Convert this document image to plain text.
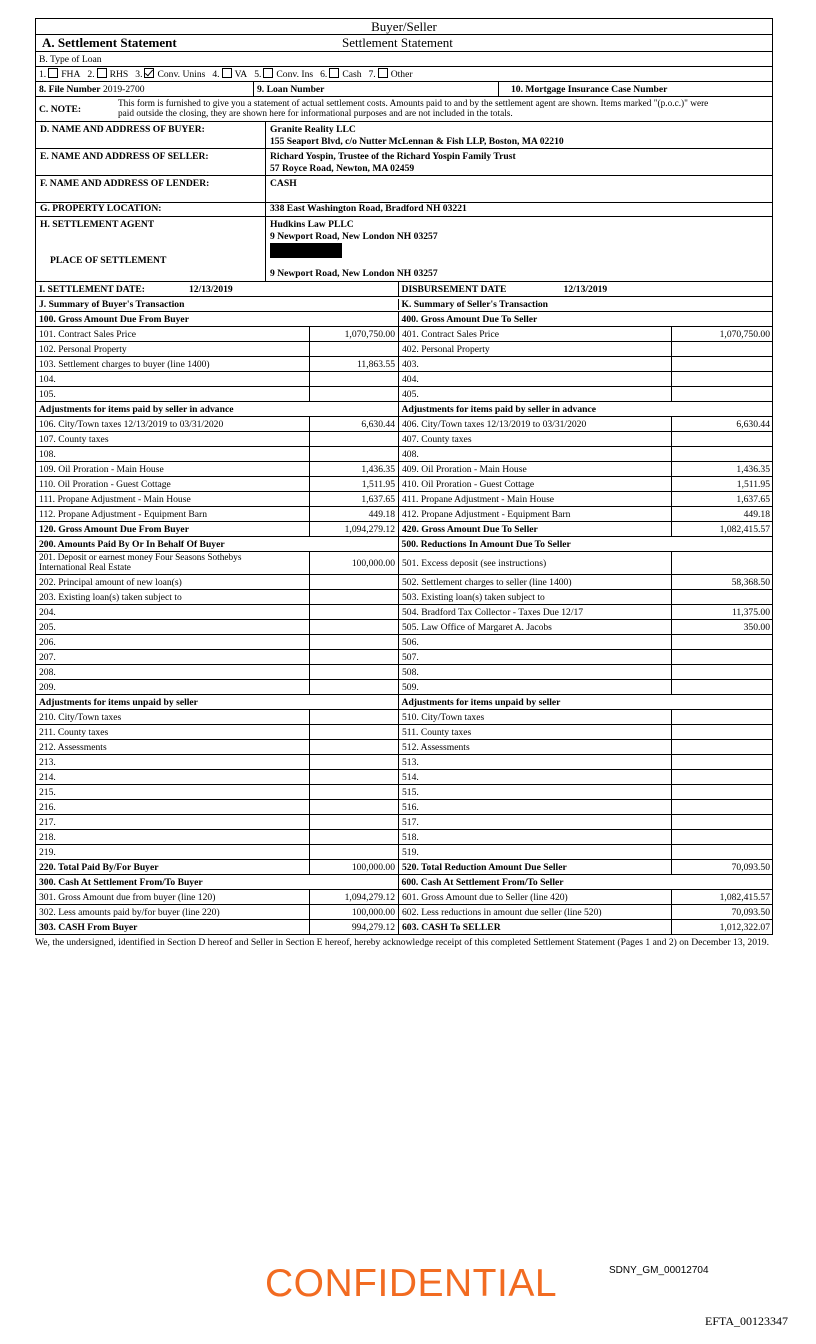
Buyer/Seller
A. Settlement Statement	Settlement Statement
B. Type of Loan
1. FHA 2. RHS 3. Conv. Unins 4. VA 5. Conv. Ins 6. Cash 7. Other
8. File Number
2019-2700	9. Loan Number	10. Mortgage Insurance Case Number
C. NOTE:	This form is furnished to give you a statement of actual settlement costs. Amounts paid to and by the settlement agent are shown. Items marked "(p.o.c.)" were
paid outside the closing, they are shown here for informational purposes and are not included in the totals.
D. NAME AND ADDRESS OF BUYER:	Granite Reality LLC
155 Seaport Blvd, c/o Nutter McLennan & Fish LLP, Boston, MA 02210
E. NAME AND ADDRESS OF SELLER:	Richard Yospin, Trustee of the Richard Yospin Family Trust
57 Royce Road, Newton, MA 02459
F. NAME AND ADDRESS OF LENDER:	CASH
G. PROPERTY LOCATION:	338 East Washington Road, Bradford NH 03221
H. SETTLEMENT AGENT
PLACE OF SETTLEMENT
Hudkins Law PLLC
9 Newport Road, New London NH 03257
9 Newport Road, New London NH 03257
I. SETTLEMENT DATE:	12/13/2019	DISBURSEMENT DATE	12/13/2019
J. Summary of Buyer's Transaction	K. Summary of Seller's Transaction
100. Gross Amount Due From Buyer	400. Gross Amount Due To Seller
101. Contract Sales Price	1,070,750.00 401. Contract Sales Price	1,070,750.00
102. Personal Property	402. Personal Property
103. Settlement charges to buyer (line 1400)	11,863.55 403.
104.	404.
105.	405.
Adjustments for items paid by seller in advance	Adjustments for items paid by seller in advance
106. City/Town taxes 12/13/2019 to 03/31/2020	6,630.44 406. City/Town taxes 12/13/2019 to 03/31/2020	6,630.44
107. County taxes	407. County taxes
108.	408.
109. Oil Proration - Main House	1,436.35 409. Oil Proration - Main House	1,436.35
110. Oil Proration - Guest Cottage	1,511.95 410. Oil Proration - Guest Cottage	1,511.95
111. Propane Adjustment - Main House	1,637.65 411. Propane Adjustment - Main House	1,637.65
112. Propane Adjustment - Equipment Barn	449.18 412. Propane Adjustment - Equipment Barn	449.18
120. Gross Amount Due From Buyer	1,094,279.12 420. Gross Amount Due To Seller	1,082,415.57
200. Amounts Paid By Or In Behalf Of Buyer	500. Reductions In Amount Due To Seller
201. Deposit or earnest money Four Seasons Sothebys
International Real Estate	100,000.00 501. Excess deposit (see instructions)
202. Principal amount of new loan(s)	502. Settlement charges to seller (line 1400)	58,368.50
203. Existing loan(s) taken subject to	503. Existing loan(s) taken subject to
204.	504. Bradford Tax Collector - Taxes Due 12/17	11,375.00
205.	505. Law Office of Margaret A. Jacobs	350.00
206.	506.
207.	507.
208.	508.
209.	509.
Adjustments for items unpaid by seller	Adjustments for items unpaid by seller
210. City/Town taxes	510. City/Town taxes
211. County taxes	511. County taxes
212. Assessments	512. Assessments
213.	513.
214.	514.
215.	515.
216.	516.
217.	517.
218.	518.
219.	519.
220. Total Paid By/For Buyer	100,000.00 520. Total Reduction Amount Due Seller	70,093.50
300. Cash At Settlement From/To Buyer	600. Cash At Settlement From/To Seller
301. Gross Amount due from buyer (line 120)	1,094,279.12 601. Gross Amount due to Seller (line 420)	1,082,415.57
302. Less amounts paid by/for buyer (line 220)	100,000.00 602. Less reductions in amount due seller (line 520)	70,093.50
303. CASH From Buyer	994,279.12 603. CASH To SELLER	1,012,322.07
We, the undersigned, identified in Section D hereof and Seller in Section E hereof, hereby acknowledge receipt of this completed Settlement Statement (Pages 1 and 2) on December 13, 2019.
CONFIDENTIAL	SDNY_GM_00012704
EFTA_00123347
